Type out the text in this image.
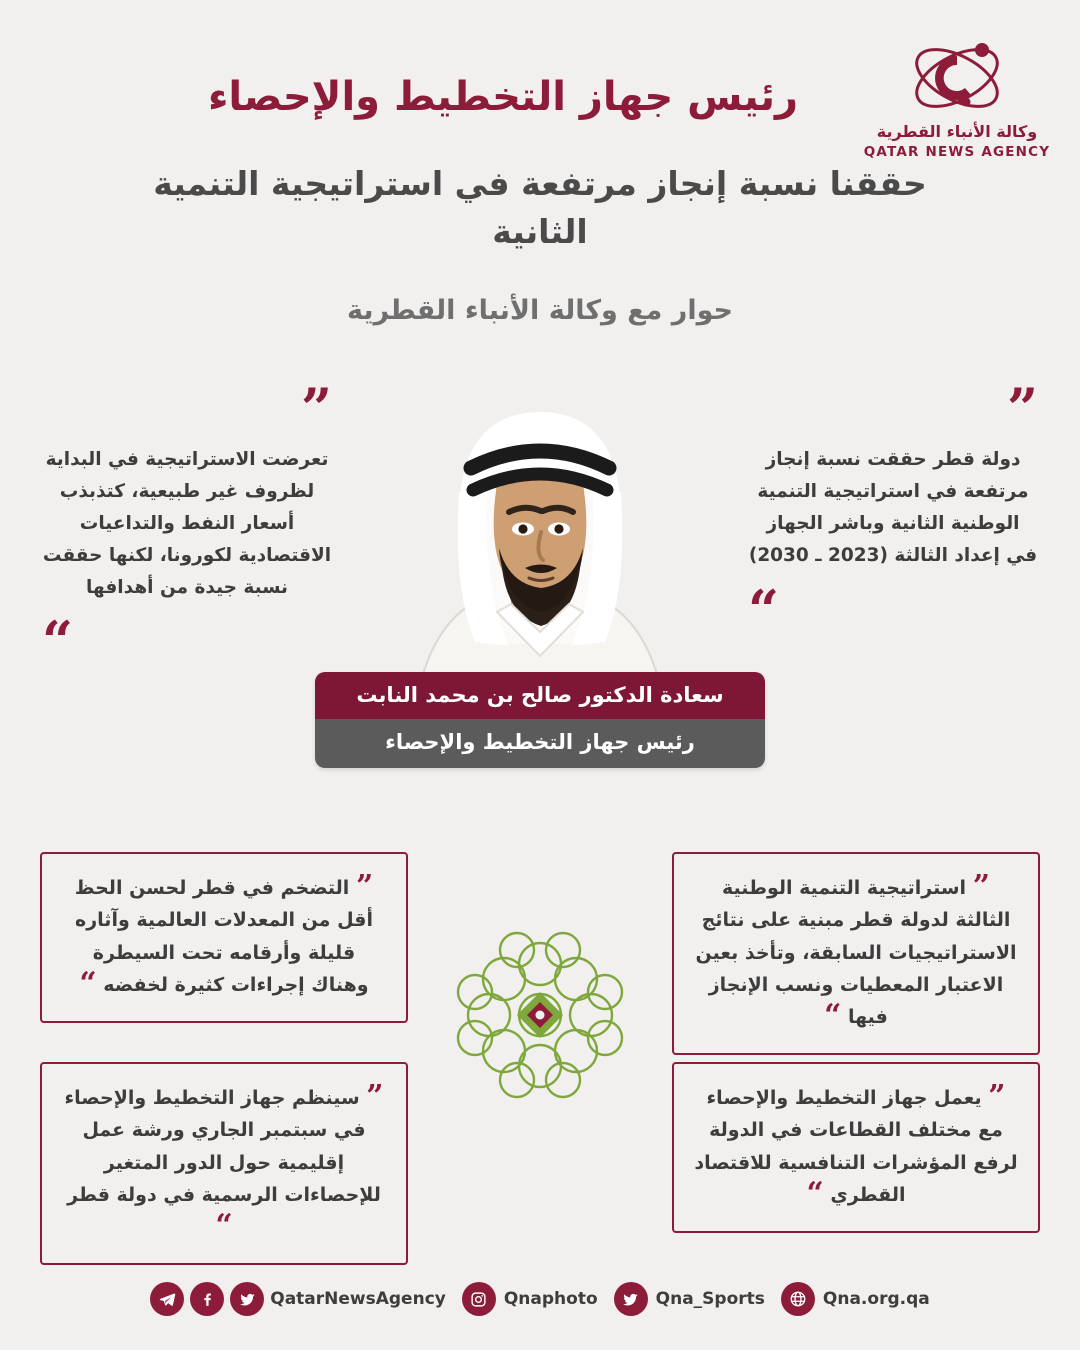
وكالة الأنباء القطرية
QATAR NEWS AGENCY
رئيس جهاز التخطيط والإحصاء
حققنا نسبة إنجاز مرتفعة في استراتيجية التنمية الثانية
حوار مع وكالة الأنباء القطرية
سعادة الدكتور صالح بن محمد النابت
رئيس جهاز التخطيط والإحصاء
”
دولة قطر حققت نسبة إنجاز مرتفعة في استراتيجية التنمية الوطنية الثانية وباشر الجهاز في إعداد الثالثة (2023 ـ 2030)
“
”
تعرضت الاستراتيجية في البداية لظروف غير طبيعية، كتذبذب أسعار النفط والتداعيات الاقتصادية لكورونا، لكنها حققت نسبة جيدة من أهدافها
“
” استراتيجية التنمية الوطنية الثالثة لدولة قطر مبنية على نتائج الاستراتيجيات السابقة، وتأخذ بعين الاعتبار المعطيات ونسب الإنجاز فيها “
” التضخم في قطر لحسن الحظ أقل من المعدلات العالمية وآثاره قليلة وأرقامه تحت السيطرة وهناك إجراءات كثيرة لخفضه “
” يعمل جهاز التخطيط والإحصاء مع مختلف القطاعات في الدولة لرفع المؤشرات التنافسية للاقتصاد القطري “
” سينظم جهاز التخطيط والإحصاء في سبتمبر الجاري ورشة عمل إقليمية حول الدور المتغير للإحصاءات الرسمية في دولة قطر “
QatarNewsAgency	Qnaphoto	Qna_Sports	Qna.org.qa
